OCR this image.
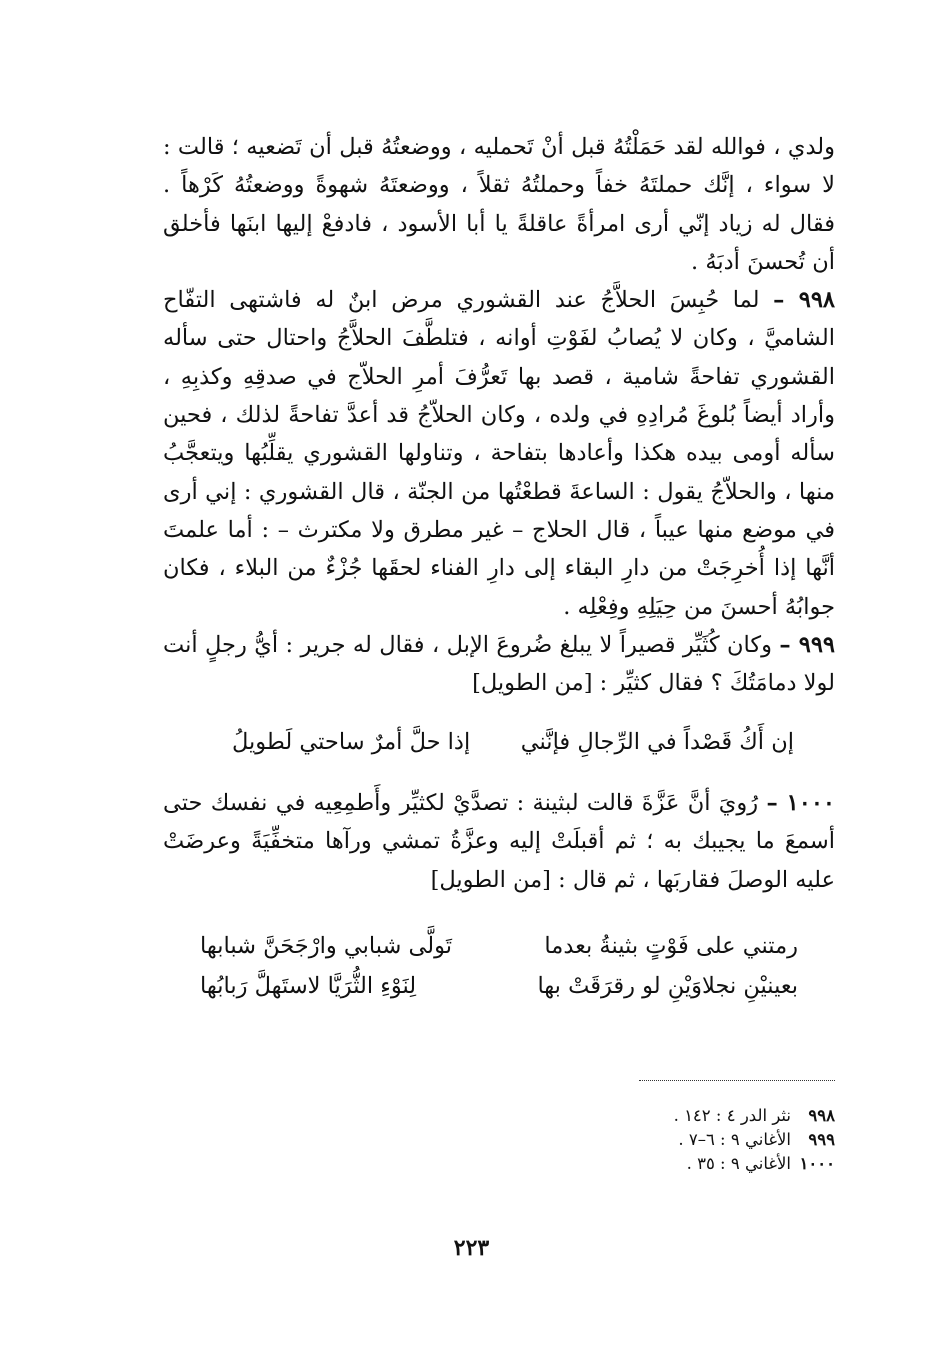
ولدي ، فوالله لقد حَمَلْتُهُ قبل أنْ تَحمليه ، ووضعتُهُ قبل أن تَضعيه ؛ قالت : لا سواء ، إنَّك حملتَهُ خفاً وحملتُهُ ثقلاً ، ووضعتَهُ شهوةً ووضعتُهُ كَرْهاً . فقال له زياد إنّي أرى امرأةً عاقلةً يا أبا الأسود ، فادفعْ إليها ابنَها فأخلق أن تُحسنَ أدبَهُ .

٩٩٨ – لما حُبِسَ الحلاَّجُ عند القشوري مرض ابنٌ له فاشتهى التفّاح الشاميَّ ، وكان لا يُصابُ لفَوْتِ أوانه ، فتلطَّفَ الحلاَّجُ واحتال حتى سأله القشوري تفاحةً شامية ، قصد بها تَعرُّفَ أمرِ الحلاّج في صدقِهِ وكذبِهِ ، وأراد أيضاً بُلوغَ مُرادِهِ في ولده ، وكان الحلاّجُ قد أعدَّ تفاحةً لذلك ، فحين سأله أومى بيده هكذا وأعادها بتفاحة ، وتناولها القشوري يقلِّبُها ويتعجَّبُ منها ، والحلاّجُ يقول : الساعةَ قطعْتُها من الجنّة ، قال القشوري : إني أرى في موضع منها عيباً ، قال الحلاج – غير مطرق ولا مكترث – : أما علمتَ أنَّها إذا أُخرِجَتْ من دارِ البقاء إلى دارِ الفناء لحقَها جُزْءٌ من البلاء ، فكان جوابُهُ أحسنَ من حِيَلِهِ وفِعْلِه .

٩٩٩ – وكان كُثَيِّر قصيراً لا يبلغ ضُروعَ الإبل ، فقال له جرير : أيُّ رجلٍ أنت لولا دمامَتُكَ ؟ فقال كثيِّر : [من الطويل]

إن أَكُ قَصْداً في الرِّجالِ فإنَّني
إذا حلَّ أمرٌ ساحتي لَطويلُ

١٠٠٠ – رُويَ أنَّ عَزَّةَ قالت لبثينة : تصدَّيْ لكثيِّر وأَطمِعِيه في نفسك حتى أسمعَ ما يجيبك به ؛ ثم أقبلَتْ إليه وعزَّةُ تمشي ورآها متخفِّيَةً وعرضَتْ عليه الوصلَ فقاربَها ، ثم قال : [من الطويل]

رمتني على فَوْتٍ بثينةُ بعدما
تَولَّى شبابي وارْجَحَنَّ شبابها
بعينيْنِ نجلاوَيْنِ لو رقرَقَتْ بها
لِنَوْءِ الثُّرَيَّا لاستَهلَّ رَبابُها
٩٩٨نثر الدر ٤ : ١٤٢ .
٩٩٩الأغاني ٩ : ٦–٧ .
١٠٠٠الأغاني ٩ : ٣٥ .
٢٢٣
